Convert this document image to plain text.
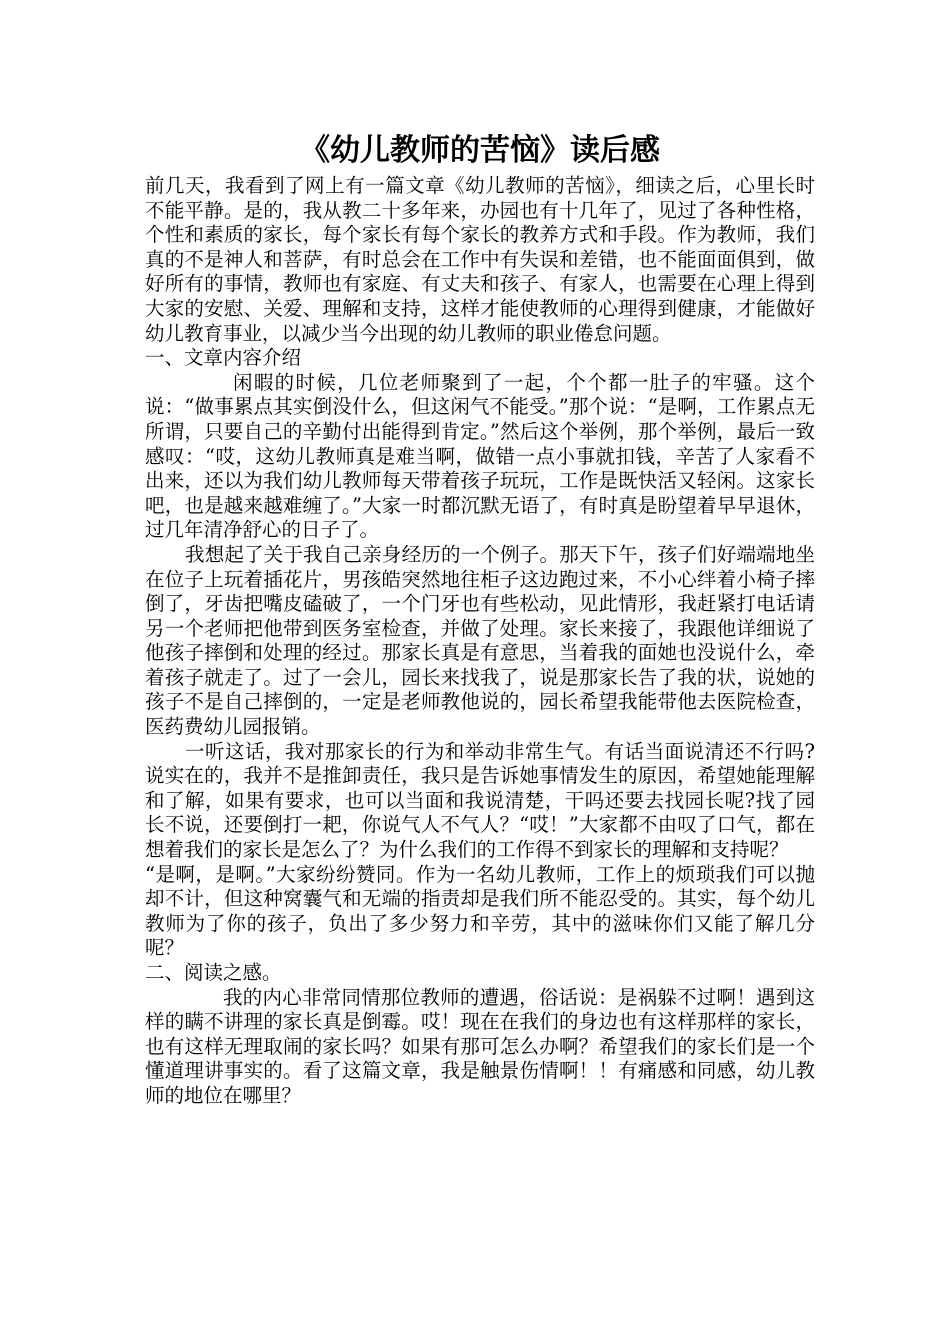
《幼儿教师的苦恼》读后感

前几天，我看到了网上有一篇文章《幼儿教师的苦恼》，细读之后，心里长时不能平静。是的，我从教二十多年来，办园也有十几年了，见过了各种性格，个性和素质的家长，每个家长有每个家长的教养方式和手段。作为教师，我们真的不是神人和菩萨，有时总会在工作中有失误和差错，也不能面面俱到，做好所有的事情，教师也有家庭、有丈夫和孩子、有家人，也需要在心理上得到大家的安慰、关爱、理解和支持，这样才能使教师的心理得到健康，才能做好幼儿教育事业，以减少当今出现的幼儿教师的职业倦怠问题。

一、文章内容介绍

闲暇的时候，几位老师聚到了一起，个个都一肚子的牢骚。这个说：“做事累点其实倒没什么，但这闲气不能受。”那个说：“是啊，工作累点无所谓，只要自己的辛勤付出能得到肯定。”然后这个举例，那个举例，最后一致感叹：“哎，这幼儿教师真是难当啊，做错一点小事就扣钱，辛苦了人家看不出来，还以为我们幼儿教师每天带着孩子玩玩，工作是既快活又轻闲。这家长吧，也是越来越难缠了。”大家一时都沉默无语了，有时真是盼望着早早退休，过几年清净舒心的日子了。

我想起了关于我自己亲身经历的一个例子。那天下午，孩子们好端端地坐在位子上玩着插花片，男孩皓突然地往柜子这边跑过来，不小心绊着小椅子摔倒了，牙齿把嘴皮磕破了，一个门牙也有些松动，见此情形，我赶紧打电话请另一个老师把他带到医务室检查，并做了处理。家长来接了，我跟他详细说了他孩子摔倒和处理的经过。那家长真是有意思，当着我的面她也没说什么，牵着孩子就走了。过了一会儿，园长来找我了，说是那家长告了我的状，说她的孩子不是自己摔倒的，一定是老师教他说的，园长希望我能带他去医院检查，医药费幼儿园报销。

一听这话，我对那家长的行为和举动非常生气。有话当面说清还不行吗?说实在的，我并不是推卸责任，我只是告诉她事情发生的原因，希望她能理解和了解，如果有要求，也可以当面和我说清楚，干吗还要去找园长呢?找了园长不说，还要倒打一耙，你说气人不气人？“哎！”大家都不由叹了口气，都在想着我们的家长是怎么了？为什么我们的工作得不到家长的理解和支持呢？

“是啊，是啊。”大家纷纷赞同。作为一名幼儿教师，工作上的烦琐我们可以抛却不计，但这种窝囊气和无端的指责却是我们所不能忍受的。其实，每个幼儿教师为了你的孩子，负出了多少努力和辛劳，其中的滋味你们又能了解几分呢？

二、阅读之感。

我的内心非常同情那位教师的遭遇，俗话说：是祸躲不过啊！遇到这样的瞒不讲理的家长真是倒霉。哎！现在在我们的身边也有这样那样的家长，也有这样无理取闹的家长吗？如果有那可怎么办啊？希望我们的家长们是一个懂道理讲事实的。看了这篇文章，我是触景伤情啊！！有痛感和同感，幼儿教师的地位在哪里？
